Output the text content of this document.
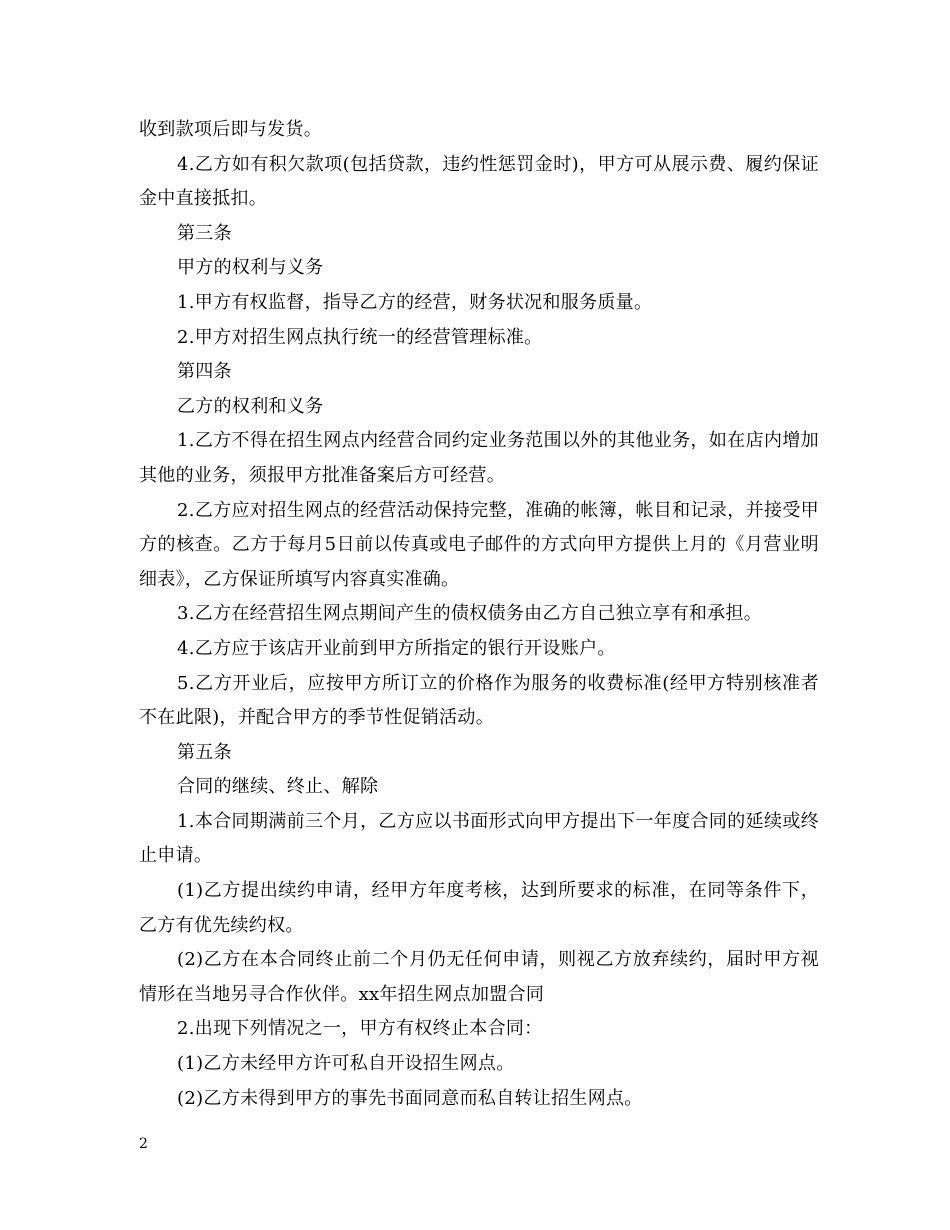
收到款项后即与发货。

4.乙方如有积欠款项(包括贷款，违约性惩罚金时)，甲方可从展示费、履约保证金中直接抵扣。

第三条

甲方的权利与义务

1.甲方有权监督，指导乙方的经营，财务状况和服务质量。

2.甲方对招生网点执行统一的经营管理标准。

第四条

乙方的权利和义务

1.乙方不得在招生网点内经营合同约定业务范围以外的其他业务，如在店内增加其他的业务，须报甲方批准备案后方可经营。

2.乙方应对招生网点的经营活动保持完整，准确的帐簿，帐目和记录，并接受甲方的核查。乙方于每月5日前以传真或电子邮件的方式向甲方提供上月的《月营业明细表》，乙方保证所填写内容真实准确。

3.乙方在经营招生网点期间产生的债权债务由乙方自己独立享有和承担。

4.乙方应于该店开业前到甲方所指定的银行开设账户。

5.乙方开业后，应按甲方所订立的价格作为服务的收费标准(经甲方特别核准者不在此限)，并配合甲方的季节性促销活动。

第五条

合同的继续、终止、解除

1.本合同期满前三个月，乙方应以书面形式向甲方提出下一年度合同的延续或终止申请。

(1)乙方提出续约申请，经甲方年度考核，达到所要求的标准，在同等条件下，乙方有优先续约权。

(2)乙方在本合同终止前二个月仍无任何申请，则视乙方放弃续约，届时甲方视情形在当地另寻合作伙伴。xx年招生网点加盟合同

2.出现下列情况之一，甲方有权终止本合同：

(1)乙方未经甲方许可私自开设招生网点。

(2)乙方未得到甲方的事先书面同意而私自转让招生网点。

2
